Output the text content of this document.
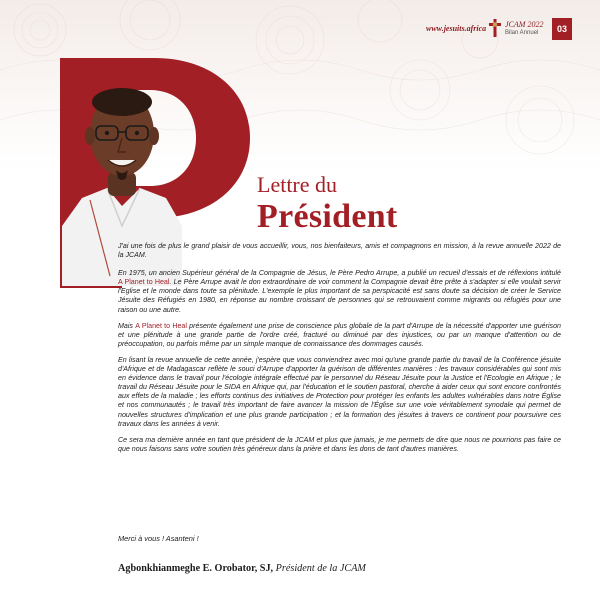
www.jesuits.africa JCAM 2022
Bilan Annuel	03
Lettre du
Président

J'ai une fois de plus le grand plaisir de vous accueillir, vous, nos bienfaiteurs, amis et compagnons en mission, à la revue annuelle 2022 de la JCAM.

En 1975, un ancien Supérieur général de la Compagnie de Jésus, le Père Pedro Arrupe, a publié un recueil d'essais et de réflexions intitulé A Planet to Heal. Le Père Arrupe avait le don extraordinaire de voir comment la Compagnie devait être prête à s'adapter si elle voulait servir l'Eglise et le monde dans toute sa plénitude. L'exemple le plus important de sa perspicacité est sans doute sa décision de créer le Service Jésuite des Réfugiés en 1980, en réponse au nombre croissant de personnes qui se retrouvaient comme migrants ou réfugiés pour une raison ou une autre.

Mais A Planet to Heal présente également une prise de conscience plus globale de la part d'Arrupe de la nécessité d'apporter une guérison et une plénitude à une grande partie de l'ordre créé, fracturé ou diminué par des injustices, ou par un manque d'attention ou de préoccupation, ou parfois même par un simple manque de connaissance des dommages causés.

En lisant la revue annuelle de cette année, j'espère que vous conviendrez avec moi qu'une grande partie du travail de la Conférence jésuite d'Afrique et de Madagascar reflète le souci d'Arrupe d'apporter la guérison de différentes manières : les travaux considérables qui sont mis en évidence dans le travail pour l'écologie intégrale effectué par le personnel du Réseau Jésuite pour la Justice et l'Ecologie en Afrique ; le travail du Réseau Jésuite pour le SIDA en Afrique qui, par l'éducation et le soutien pastoral, cherche à aider ceux qui sont encore confrontés aux effets de la maladie ; les efforts continus des initiatives de Protection pour protéger les enfants les adultes vulnérables dans notre Église et nos communautés ; le travail très important de faire avancer la mission de l'Église sur une voie véritablement synodale qui permet de nouvelles structures d'implication et une plus grande participation ; et la formation des jésuites à travers ce continent pour poursuivre ces travaux dans les années à venir.

Ce sera ma dernière année en tant que président de la JCAM et plus que jamais, je me permets de dire que nous ne pourrions pas faire ce que nous faisons sans votre soutien très généreux dans la prière et dans les dons de tant d'autres manières.

Merci à vous ! Asanteni !
Agbonkhianmeghe E. Orobator, SJ, Président de la JCAM
